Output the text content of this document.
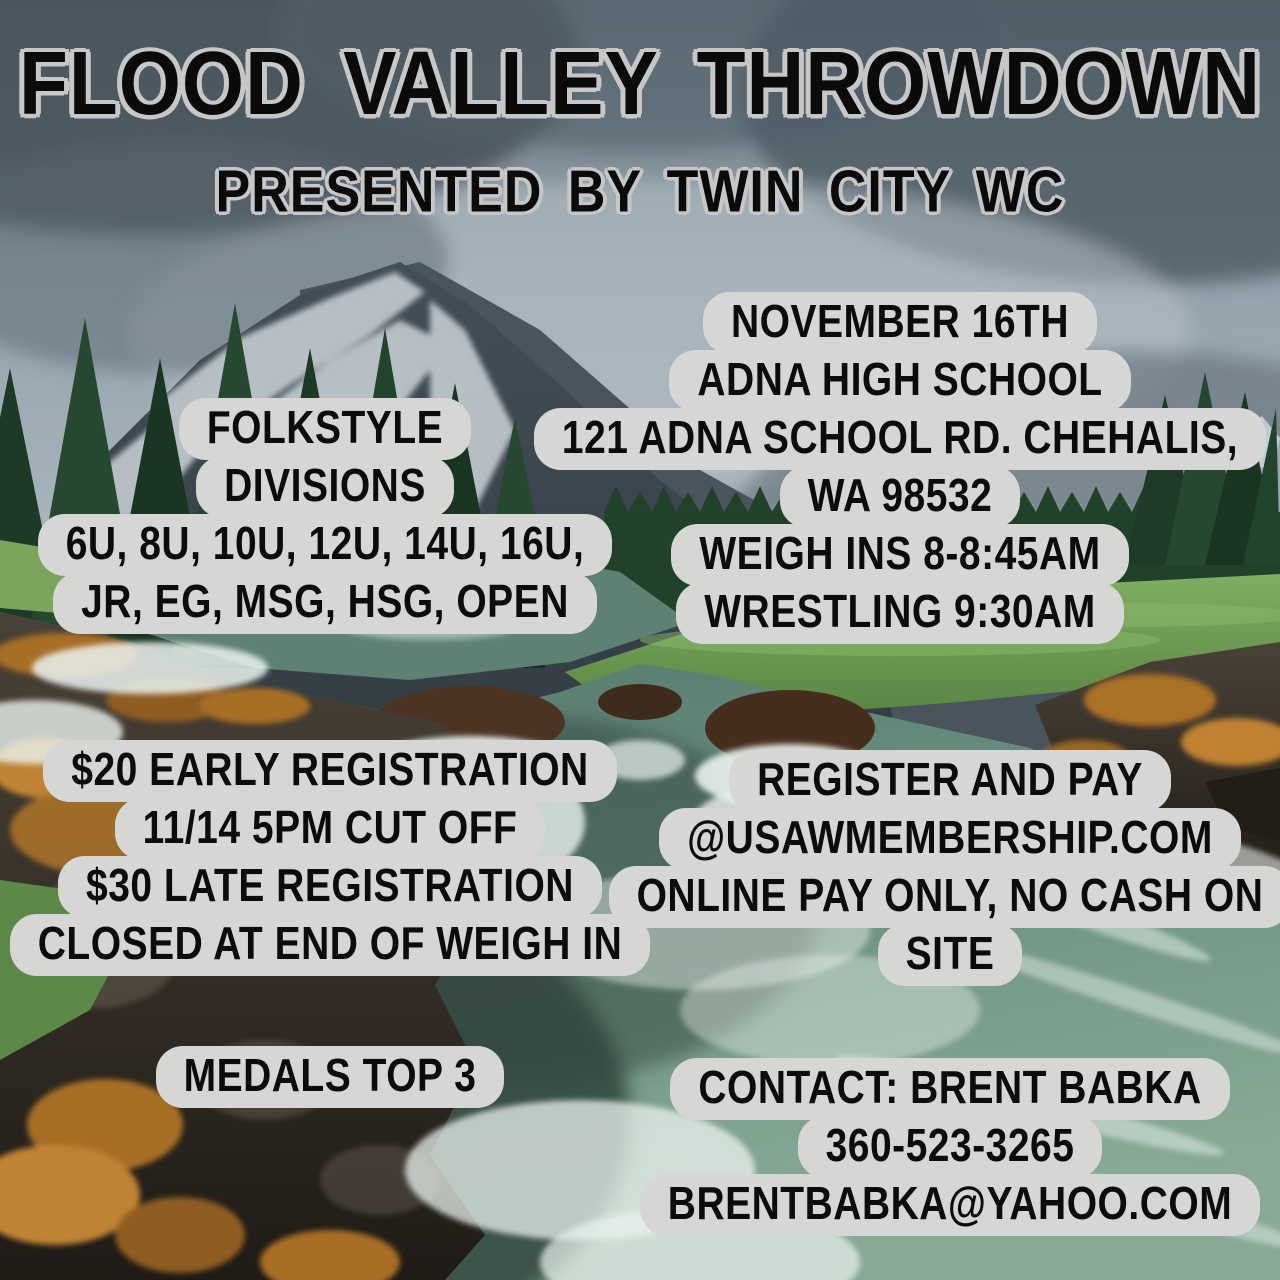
FLOOD VALLEY THROWDOWN
PRESENTED BY TWIN CITY WC
NOVEMBER 16TH
ADNA HIGH SCHOOL
121 ADNA SCHOOL RD. CHEHALIS,
WA 98532
WEIGH INS 8-8:45AM
WRESTLING 9:30AM
FOLKSTYLE
DIVISIONS
6U, 8U, 10U, 12U, 14U, 16U,
JR, EG, MSG, HSG, OPEN
$20 EARLY REGISTRATION
11/14 5PM CUT OFF
$30 LATE REGISTRATION
CLOSED AT END OF WEIGH IN
MEDALS TOP 3
REGISTER AND PAY
@USAWMEMBERSHIP.COM
ONLINE PAY ONLY, NO CASH ON
SITE
CONTACT: BRENT BABKA
360-523-3265
BRENTBABKA@YAHOO.COM
